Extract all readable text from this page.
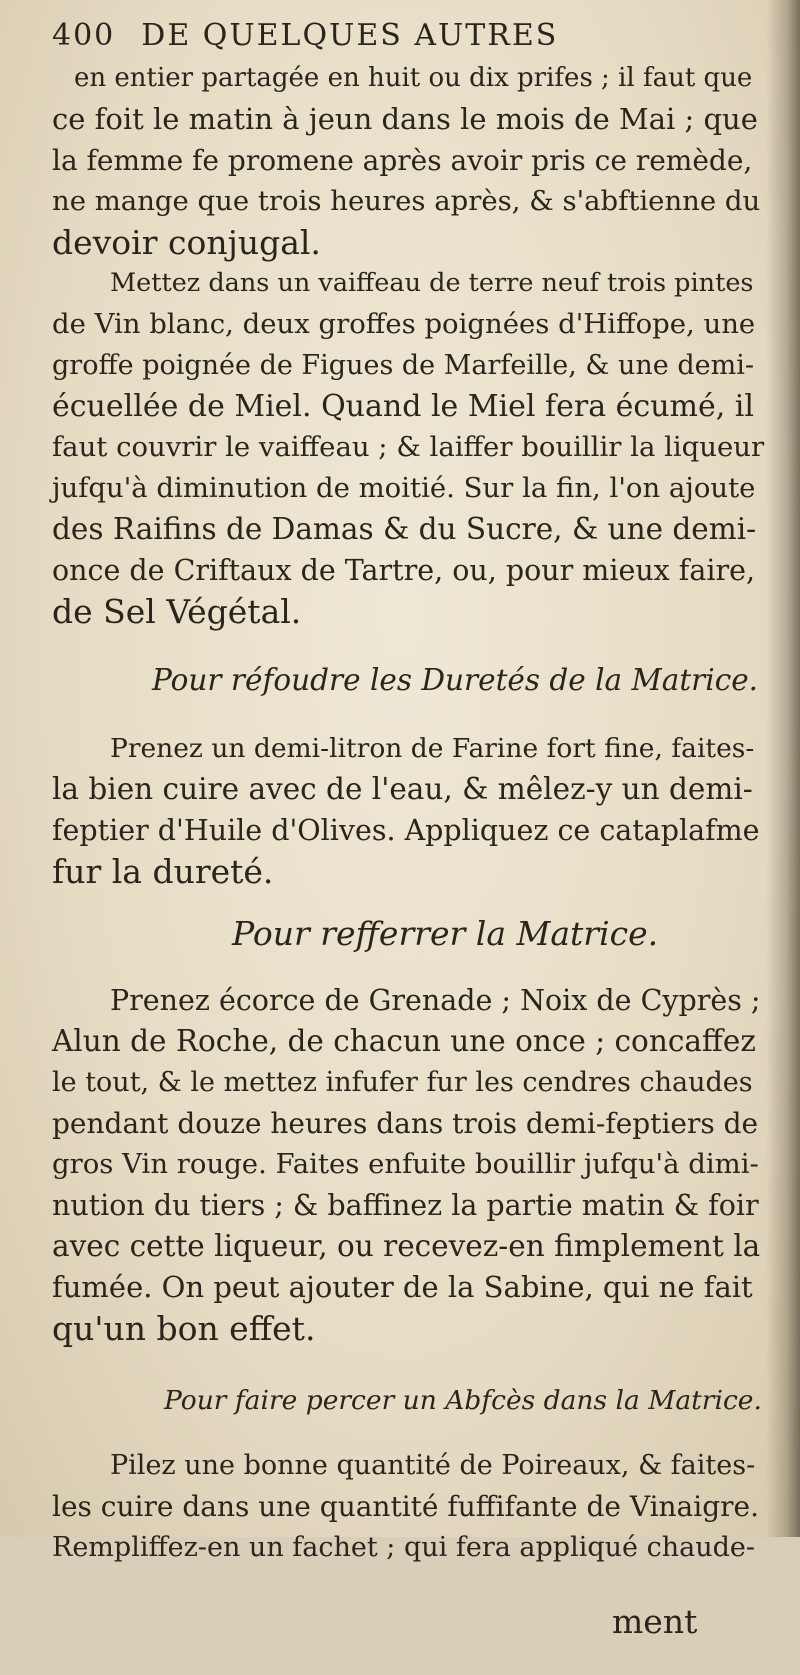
400 DE QUELQUES AUTRES

en entier partagée en huit ou dix prifes ; il faut que

ce foit le matin à jeun dans le mois de Mai ; que

la femme fe promene après avoir pris ce remède,

ne mange que trois heures après, & s'abftienne du

devoir conjugal.

Mettez dans un vaiffeau de terre neuf trois pintes

de Vin blanc, deux groffes poignées d'Hiffope, une

groffe poignée de Figues de Marfeille, & une demi-

écuellée de Miel. Quand le Miel fera écumé, il

faut couvrir le vaiffeau ; & laiffer bouillir la liqueur

jufqu'à diminution de moitié. Sur la fin, l'on ajoute

des Raifins de Damas & du Sucre, & une demi-

once de Criftaux de Tartre, ou, pour mieux faire,

de Sel Végétal.

Pour réfoudre les Duretés de la Matrice.

Prenez un demi-litron de Farine fort fine, faites-

la bien cuire avec de l'eau, & mêlez-y un demi-

feptier d'Huile d'Olives. Appliquez ce cataplafme

fur la dureté.

Pour refferrer la Matrice.

Prenez écorce de Grenade ; Noix de Cyprès ;

Alun de Roche, de chacun une once ; concaffez

le tout, & le mettez infufer fur les cendres chaudes

pendant douze heures dans trois demi-feptiers de

gros Vin rouge. Faites enfuite bouillir jufqu'à dimi-

nution du tiers ; & baffinez la partie matin & foir

avec cette liqueur, ou recevez-en fimplement la

fumée. On peut ajouter de la Sabine, qui ne fait

qu'un bon effet.

Pour faire percer un Abfcès dans la Matrice.

Pilez une bonne quantité de Poireaux, & faites-

les cuire dans une quantité fuffifante de Vinaigre.

Rempliffez-en un fachet ; qui fera appliqué chaude-

ment
